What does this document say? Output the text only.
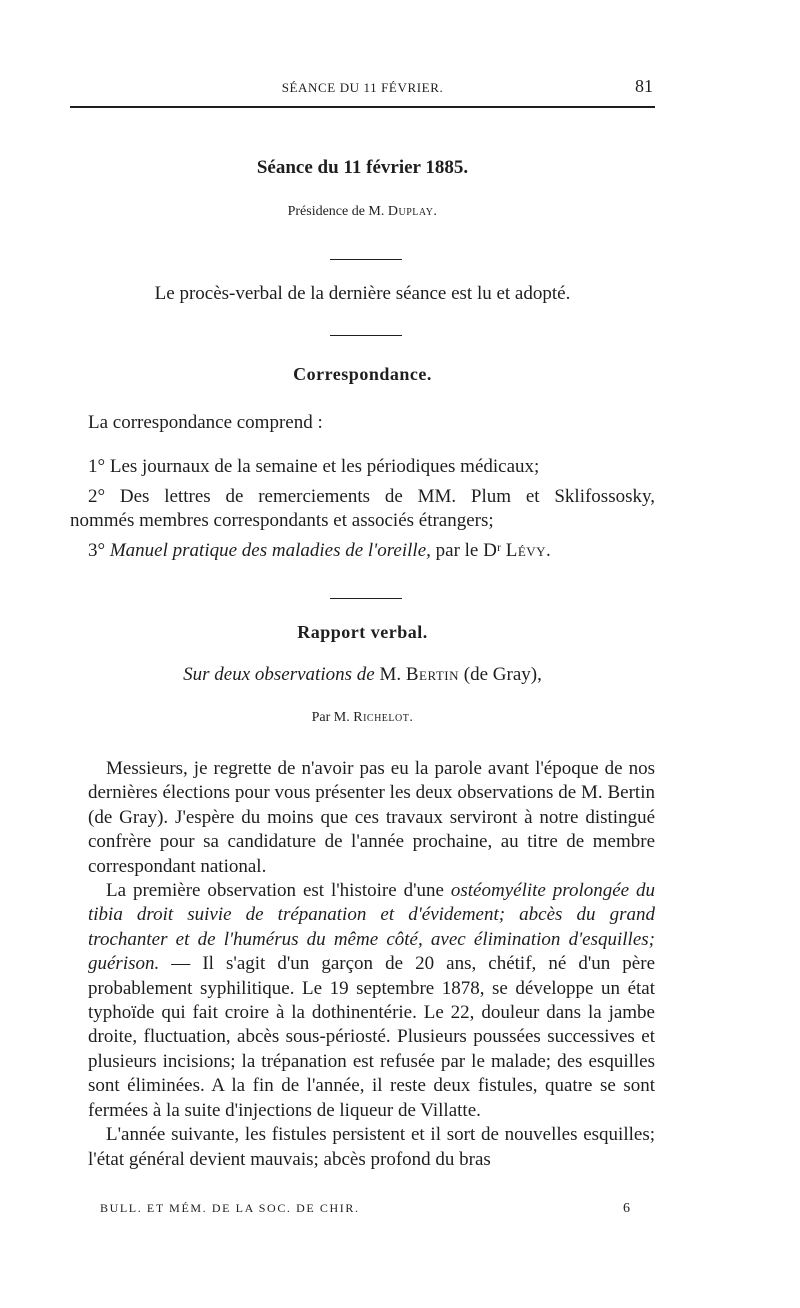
SÉANCE DU 11 FÉVRIER.	81
Séance du 11 février 1885.
Présidence de M. Duplay.
Le procès-verbal de la dernière séance est lu et adopté.
Correspondance.
La correspondance comprend :
1° Les journaux de la semaine et les périodiques médicaux;
2° Des lettres de remerciements de MM. Plum et Sklifossosky,
nommés membres correspondants et associés étrangers;
3° Manuel pratique des maladies de l'oreille, par le Dʳ Lévy.
Rapport verbal.
Sur deux observations de M. Bertin (de Gray),
Par M. Richelot.

Messieurs, je regrette de n'avoir pas eu la parole avant l'époque de nos dernières élections pour vous présenter les deux observations de M. Bertin (de Gray). J'espère du moins que ces travaux serviront à notre distingué confrère pour sa candidature de l'année prochaine, au titre de membre correspondant national.

La première observation est l'histoire d'une ostéomyélite prolongée du tibia droit suivie de trépanation et d'évidement; abcès du grand trochanter et de l'humérus du même côté, avec élimination d'esquilles; guérison. — Il s'agit d'un garçon de 20 ans, chétif, né d'un père probablement syphilitique. Le 19 septembre 1878, se développe un état typhoïde qui fait croire à la dothinentérie. Le 22, douleur dans la jambe droite, fluctuation, abcès sous-périosté. Plusieurs poussées successives et plusieurs incisions; la trépanation est refusée par le malade; des esquilles sont éliminées. A la fin de l'année, il reste deux fistules, quatre se sont fermées à la suite d'injections de liqueur de Villatte.

L'année suivante, les fistules persistent et il sort de nouvelles esquilles; l'état général devient mauvais; abcès profond du bras

BULL. ET MÉM. DE LA SOC. DE CHIR.	6
